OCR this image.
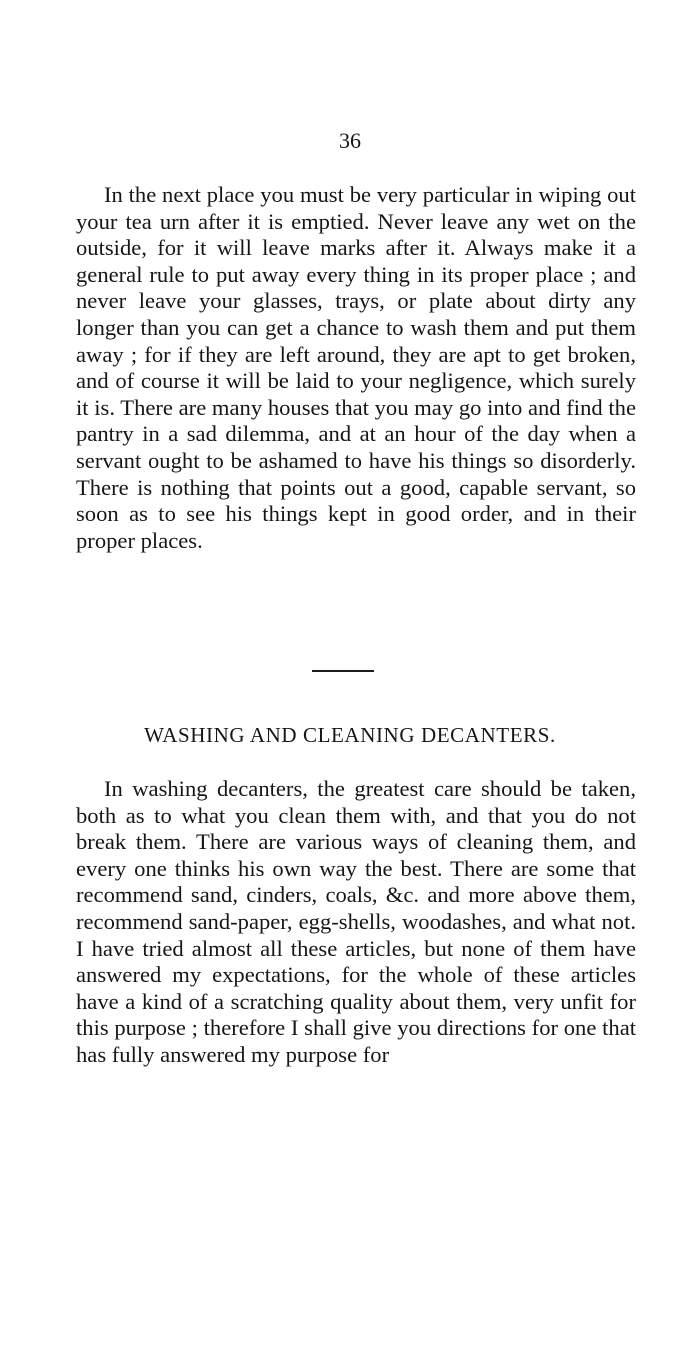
36

In the next place you must be very particular in wiping out your tea urn after it is emptied. Never leave any wet on the outside, for it will leave marks after it. Always make it a general rule to put away every thing in its proper place ; and never leave your glasses, trays, or plate about dirty any longer than you can get a chance to wash them and put them away ; for if they are left around, they are apt to get broken, and of course it will be laid to your negligence, which surely it is. There are many houses that you may go into and find the pantry in a sad dilemma, and at an hour of the day when a servant ought to be ashamed to have his things so disorderly. There is nothing that points out a good, capable servant, so soon as to see his things kept in good order, and in their proper places.

WASHING AND CLEANING DECANTERS.

In washing decanters, the greatest care should be taken, both as to what you clean them with, and that you do not break them. There are various ways of cleaning them, and every one thinks his own way the best. There are some that recommend sand, cinders, coals, &c. and more above them, recommend sand-paper, egg-shells, woodashes, and what not. I have tried almost all these articles, but none of them have answered my expectations, for the whole of these articles have a kind of a scratching quality about them, very unfit for this purpose ; therefore I shall give you directions for one that has fully answered my purpose for
